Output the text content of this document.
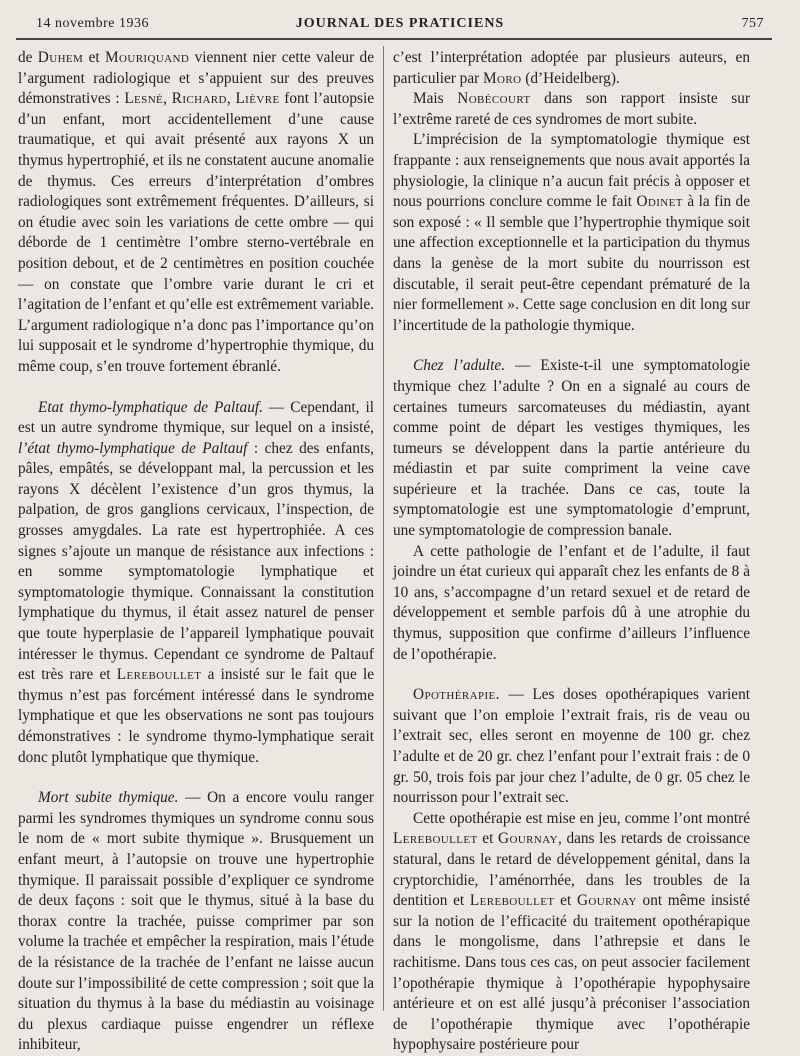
14 novembre 1936	JOURNAL DES PRATICIENS	757

de Duhem et Mouriquand viennent nier cette valeur de l’argument radiologique et s’appuient sur des preuves démonstratives : Lesné, Richard, Lièvre font l’autopsie d’un enfant, mort accidentellement d’une cause traumatique, et qui avait présenté aux rayons X un thymus hypertrophié, et ils ne constatent aucune anomalie de thymus. Ces erreurs d’interprétation d’ombres radiologiques sont extrêmement fréquentes. D’ailleurs, si on étudie avec soin les variations de cette ombre — qui déborde de 1 centimètre l’ombre sterno-vertébrale en position debout, et de 2 centimètres en position couchée — on constate que l’ombre varie durant le cri et l’agitation de l’enfant et qu’elle est extrêmement variable. L’argument radiologique n’a donc pas l’importance qu’on lui supposait et le syndrome d’hypertrophie thymique, du même coup, s’en trouve fortement ébranlé.

Etat thymo-lymphatique de Paltauf. — Cependant, il est un autre syndrome thymique, sur lequel on a insisté, l’état thymo-lymphatique de Paltauf : chez des enfants, pâles, empâtés, se développant mal, la percussion et les rayons X décèlent l’existence d’un gros thymus, la palpation, de gros ganglions cervicaux, l’inspection, de grosses amygdales. La rate est hypertrophiée. A ces signes s’ajoute un manque de résistance aux infections : en somme symptomatologie lymphatique et symptomatologie thymique. Connaissant la constitution lymphatique du thymus, il était assez naturel de penser que toute hyperplasie de l’appareil lymphatique pouvait intéresser le thymus. Cependant ce syndrome de Paltauf est très rare et Lereboullet a insisté sur le fait que le thymus n’est pas forcément intéressé dans le syndrome lymphatique et que les observations ne sont pas toujours démonstratives : le syndrome thymo-lymphatique serait donc plutôt lymphatique que thymique.

Mort subite thymique. — On a encore voulu ranger parmi les syndromes thymiques un syndrome connu sous le nom de « mort subite thymique ». Brusquement un enfant meurt, à l’autopsie on trouve une hypertrophie thymique. Il paraissait possible d’expliquer ce syndrome de deux façons : soit que le thymus, situé à la base du thorax contre la trachée, puisse comprimer par son volume la trachée et empêcher la respiration, mais l’étude de la résistance de la trachée de l’enfant ne laisse aucun doute sur l’impossibilité de cette compression ; soit que la situation du thymus à la base du médiastin au voisinage du plexus cardiaque puisse engendrer un réflexe inhibiteur,

c’est l’interprétation adoptée par plusieurs auteurs, en particulier par Moro (d’Heidelberg).

Mais Nobécourt dans son rapport insiste sur l’extrême rareté de ces syndromes de mort subite.

L’imprécision de la symptomatologie thymique est frappante : aux renseignements que nous avait apportés la physiologie, la clinique n’a aucun fait précis à opposer et nous pourrions conclure comme le fait Odinet à la fin de son exposé : « Il semble que l’hypertrophie thymique soit une affection exceptionnelle et la participation du thymus dans la genèse de la mort subite du nourrisson est discutable, il serait peut-être cependant prématuré de la nier formellement ». Cette sage conclusion en dit long sur l’incertitude de la pathologie thymique.

Chez l’adulte. — Existe-t-il une symptomatologie thymique chez l’adulte ? On en a signalé au cours de certaines tumeurs sarcomateuses du médiastin, ayant comme point de départ les vestiges thymiques, les tumeurs se développent dans la partie antérieure du médiastin et par suite compriment la veine cave supérieure et la trachée. Dans ce cas, toute la symptomatologie est une symptomatologie d’emprunt, une symptomatologie de compression banale.

A cette pathologie de l’enfant et de l’adulte, il faut joindre un état curieux qui apparaît chez les enfants de 8 à 10 ans, s’accompagne d’un retard sexuel et de retard de développement et semble parfois dû à une atrophie du thymus, supposition que confirme d’ailleurs l’influence de l’opothérapie.

Opothérapie. — Les doses opothérapiques varient suivant que l’on emploie l’extrait frais, ris de veau ou l’extrait sec, elles seront en moyenne de 100 gr. chez l’adulte et de 20 gr. chez l’enfant pour l’extrait frais : de 0 gr. 50, trois fois par jour chez l’adulte, de 0 gr. 05 chez le nourrisson pour l’extrait sec.

Cette opothérapie est mise en jeu, comme l’ont montré Lereboullet et Gournay, dans les retards de croissance statural, dans le retard de développement génital, dans la cryptorchidie, l’aménorrhée, dans les troubles de la dentition et Lereboullet et Gournay ont même insisté sur la notion de l’efficacité du traitement opothérapique dans le mongolisme, dans l’athrepsie et dans le rachitisme. Dans tous ces cas, on peut associer facilement l’opothérapie thymique à l’opothérapie hypophysaire antérieure et on est allé jusqu’à préconiser l’association de l’opothérapie thymique avec l’opothérapie hypophysaire postérieure pour
